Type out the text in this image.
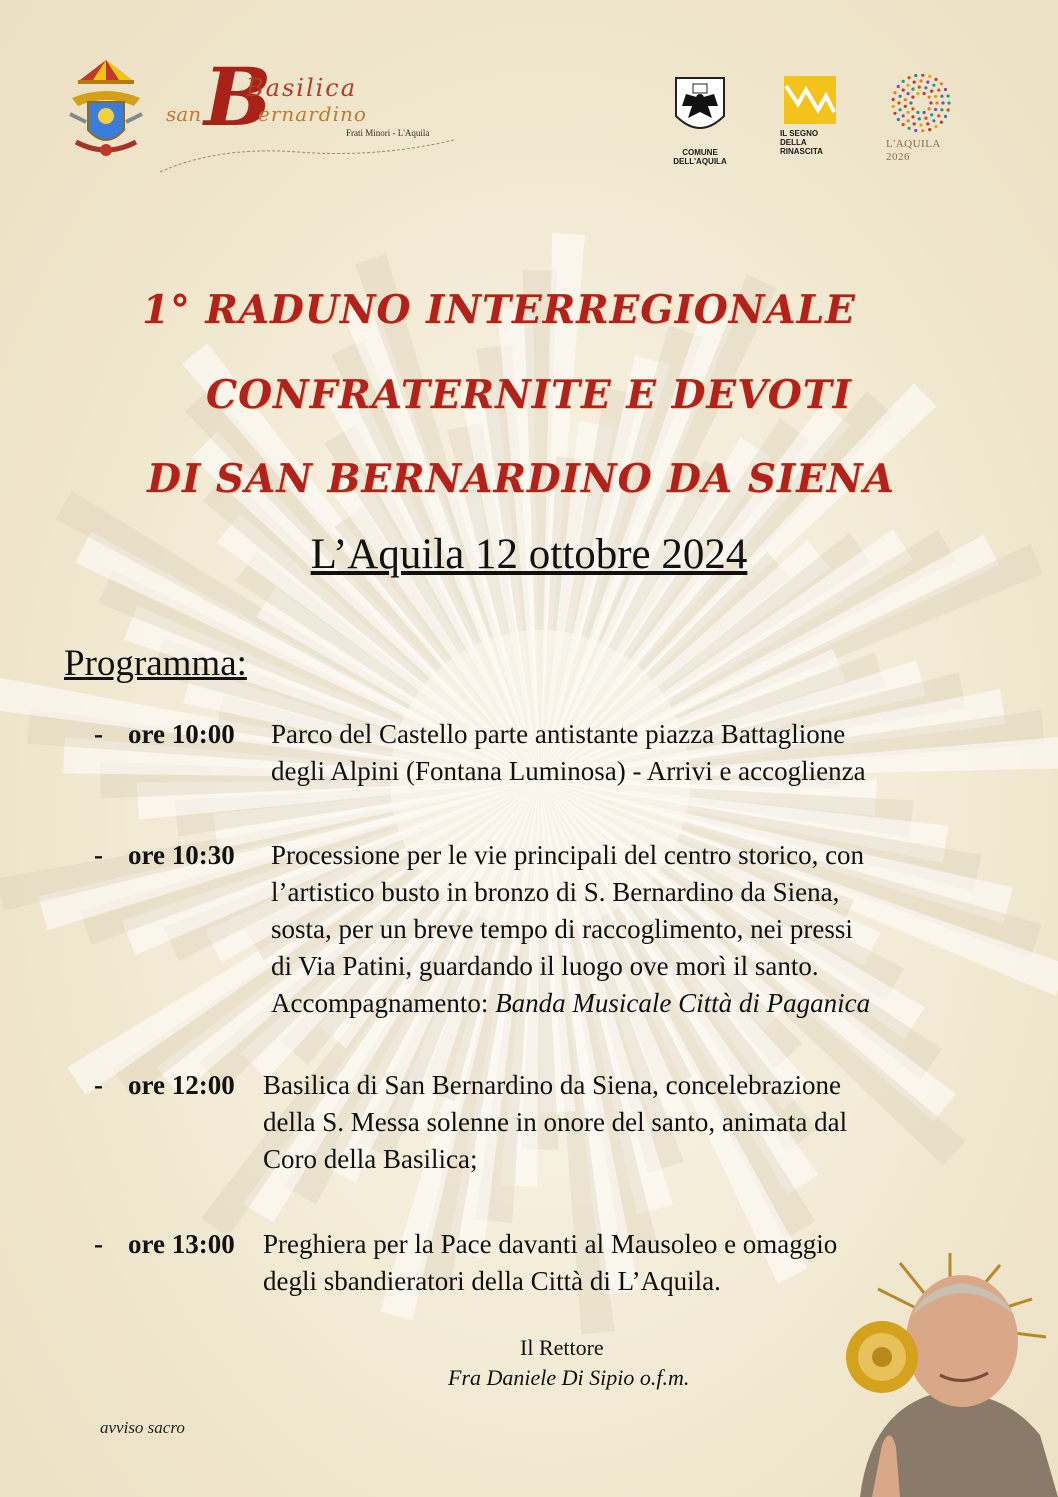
B
Basilica
san	ernardino
Frati Minori - L'Aquila
COMUNE DELL'AQUILA
IL SEGNO
DELLA
RINASCITA
L'AQUILA
2026
1° RADUNO INTERREGIONALE
CONFRATERNITE E DEVOTI
DI SAN BERNARDINO DA SIENA
L’Aquila 12 ottobre 2024
Programma:
- ore 10:00 Parco del Castello parte antistante piazza Battaglione
degli Alpini (Fontana Luminosa) - Arrivi e accoglienza
- ore 10:30 Processione per le vie principali del centro storico, con
l’artistico busto in bronzo di S. Bernardino da Siena,
sosta, per un breve tempo di raccoglimento, nei pressi
di Via Patini, guardando il luogo ove morì il santo.
Accompagnamento: Banda Musicale Città di Paganica
- ore 12:00 Basilica di San Bernardino da Siena, concelebrazione
della S. Messa solenne in onore del santo, animata dal
Coro della Basilica;
- ore 13:00 Preghiera per la Pace davanti al Mausoleo e omaggio
degli sbandieratori della Città di L’Aquila.
Il Rettore
Fra Daniele Di Sipio o.f.m.
avviso sacro
